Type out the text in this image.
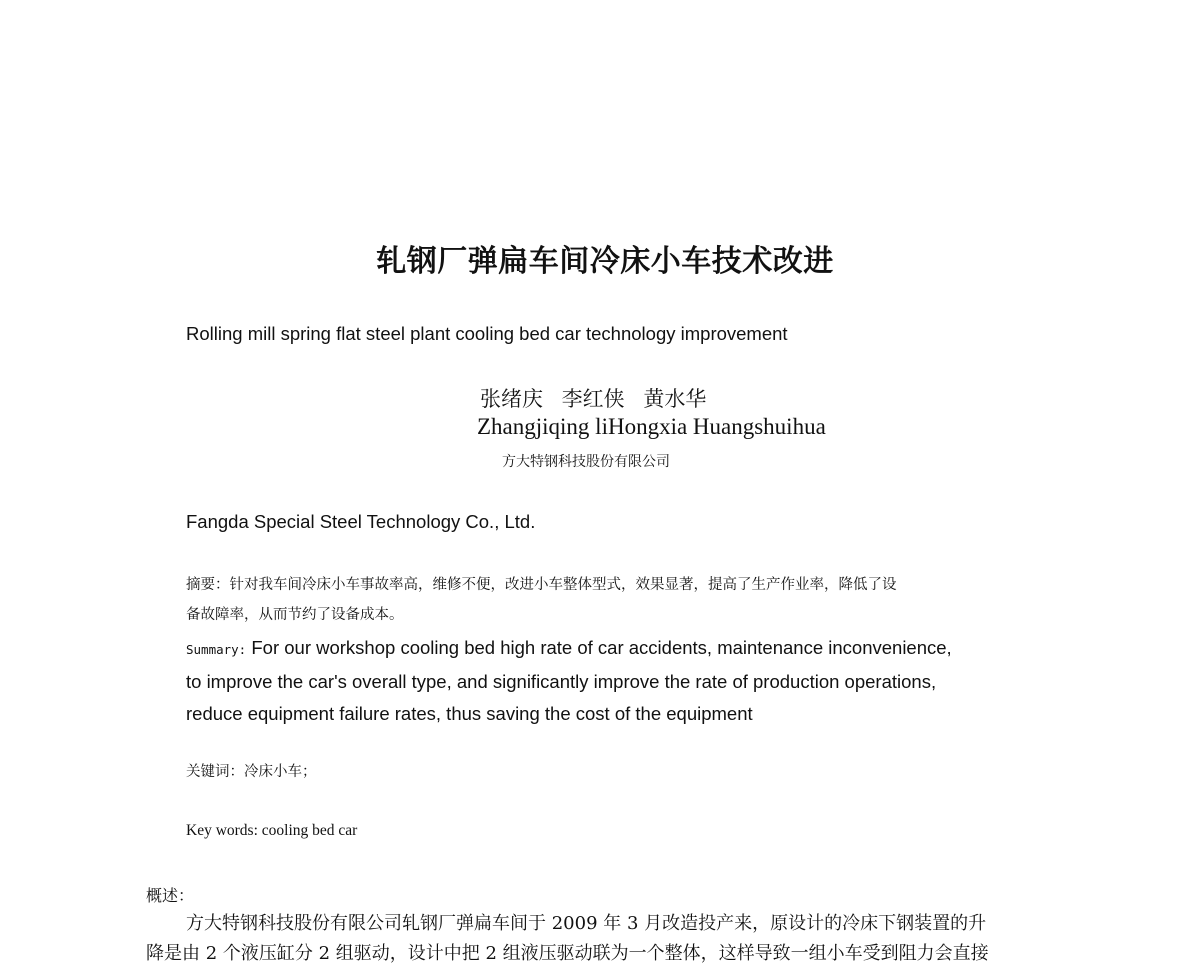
轧钢厂弹扁车间冷床小车技术改进
Rolling mill spring flat steel plant cooling bed car technology improvement
张绪庆 李红侠 黄水华
Zhangjiqing liHongxia Huangshuihua
方大特钢科技股份有限公司
Fangda Special Steel Technology Co., Ltd.
摘要：针对我车间冷床小车事故率高，维修不便，改进小车整体型式，效果显著，提高了生产作业率，降低了设
备故障率，从而节约了设备成本。
Summary: For our workshop cooling bed high rate of car accidents, maintenance inconvenience,
to improve the car's overall type, and significantly improve the rate of production operations,
reduce equipment failure rates, thus saving the cost of the equipment
关键词：冷床小车；
Key words: cooling bed car
概述：
方大特钢科技股份有限公司轧钢厂弹扁车间于 2009 年 3 月改造投产来，原设计的冷床下钢装置的升
降是由 2 个液压缸分 2 组驱动，设计中把 2 组液压驱动联为一个整体，这样导致一组小车受到阻力会直接
